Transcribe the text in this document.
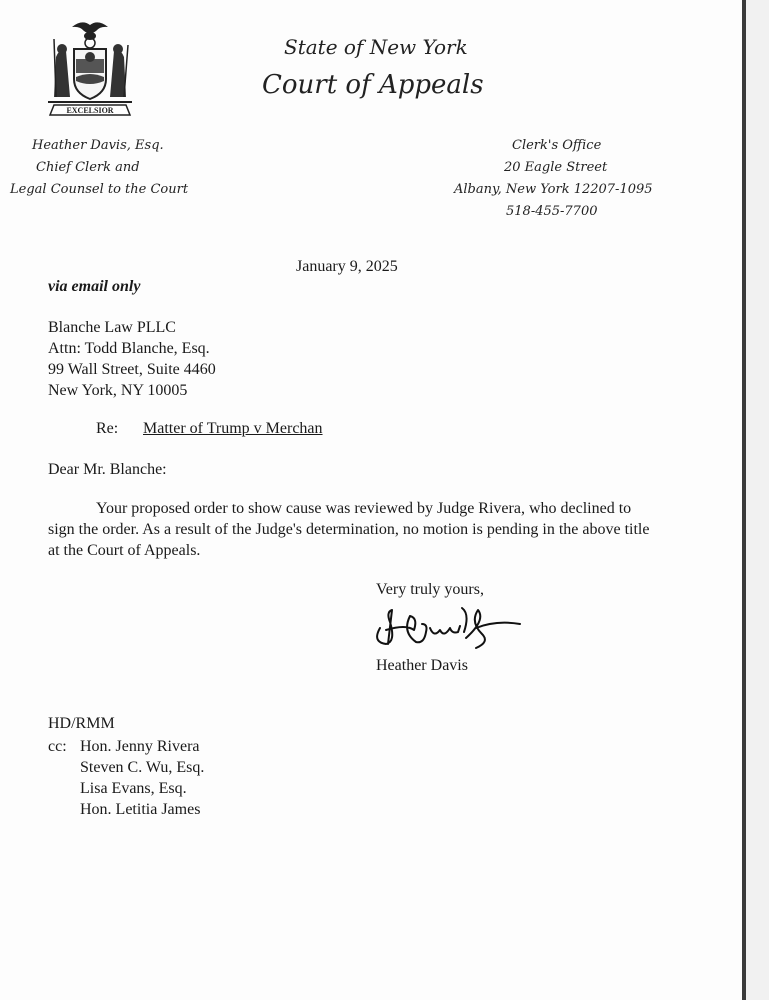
EXCELSIOR
State of New York
Court of Appeals
Heather Davis, Esq.
Chief Clerk and
Legal Counsel to the Court
Clerk's Office
20 Eagle Street
Albany, New York 12207-1095
518-455-7700
January 9, 2025
via email only
Blanche Law PLLC
Attn: Todd Blanche, Esq.
99 Wall Street, Suite 4460
New York, NY 10005
Re: Matter of Trump v Merchan
Dear Mr. Blanche:
Your proposed order to show cause was reviewed by Judge Rivera, who declined to sign the order. As a result of the Judge's determination, no motion is pending in the above title at the Court of Appeals.
Very truly yours,
Heather Davis
HD/RMM
cc: Hon. Jenny Rivera
Steven C. Wu, Esq.
Lisa Evans, Esq.
Hon. Letitia James
